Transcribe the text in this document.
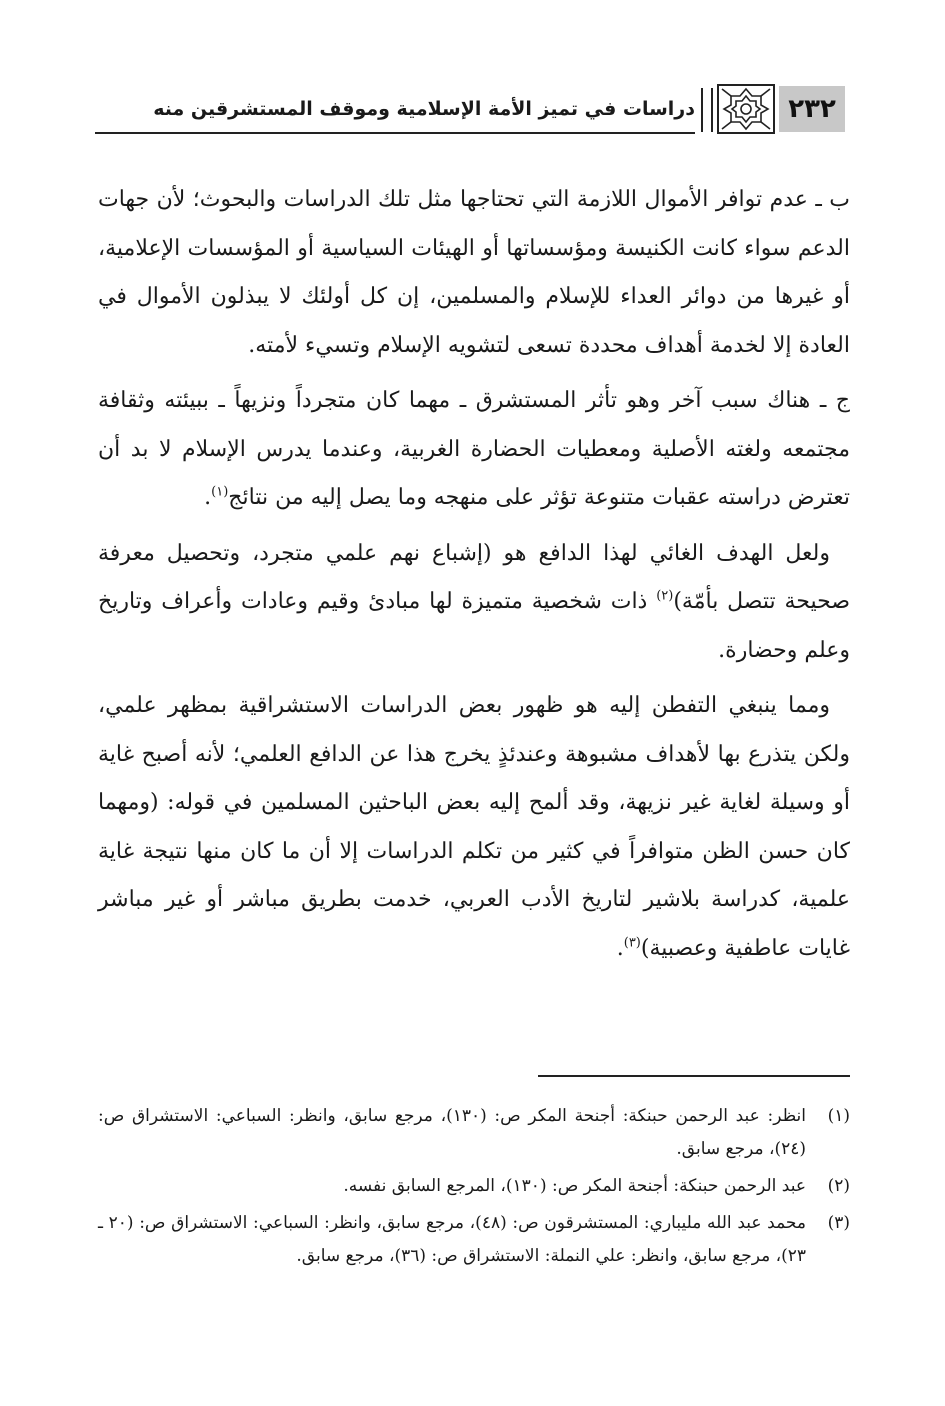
٢٣٢
دراسات في تميز الأمة الإسلامية وموقف المستشرقين منه

ب ـ عدم توافر الأموال اللازمة التي تحتاجها مثل تلك الدراسات والبحوث؛ لأن جهات الدعم سواء كانت الكنيسة ومؤسساتها أو الهيئات السياسية أو المؤسسات الإعلامية، أو غيرها من دوائر العداء للإسلام والمسلمين، إن كل أولئك لا يبذلون الأموال في العادة إلا لخدمة أهداف محددة تسعى لتشويه الإسلام وتسيء لأمته.

ج ـ هناك سبب آخر وهو تأثر المستشرق ـ مهما كان متجرداً ونزيهاً ـ ببيئته وثقافة مجتمعه ولغته الأصلية ومعطيات الحضارة الغربية، وعندما يدرس الإسلام لا بد أن تعترض دراسته عقبات متنوعة تؤثر على منهجه وما يصل إليه من نتائج$^{(١)}$.

ولعل الهدف الغائي لهذا الدافع هو (إشباع نهم علمي متجرد، وتحصيل معرفة صحيحة تتصل بأمّة)$^{(٢)}$ ذات شخصية متميزة لها مبادئ وقيم وعادات وأعراف وتاريخ وعلم وحضارة.

ومما ينبغي التفطن إليه هو ظهور بعض الدراسات الاستشراقية بمظهر علمي، ولكن يتذرع بها لأهداف مشبوهة وعندئذٍ يخرج هذا عن الدافع العلمي؛ لأنه أصبح غاية أو وسيلة لغاية غير نزيهة، وقد ألمح إليه بعض الباحثين المسلمين في قوله: (ومهما كان حسن الظن متوافراً في كثير من تكلم الدراسات إلا أن ما كان منها نتيجة غاية علمية، كدراسة بلاشير لتاريخ الأدب العربي، خدمت بطريق مباشر أو غير مباشر غايات عاطفية وعصبية)$^{(٣)}$.

(١)
انظر: عبد الرحمن حبنكة: أجنحة المكر ص: (١٣٠)، مرجع سابق، وانظر: السباعي: الاستشراق ص: (٢٤)، مرجع سابق.
(٢)
عبد الرحمن حبنكة: أجنحة المكر ص: (١٣٠)، المرجع السابق نفسه.
(٣)
محمد عبد الله مليباري: المستشرقون ص: (٤٨)، مرجع سابق، وانظر: السباعي: الاستشراق ص: (٢٠ ـ ٢٣)، مرجع سابق، وانظر: علي النملة: الاستشراق ص: (٣٦)، مرجع سابق.
